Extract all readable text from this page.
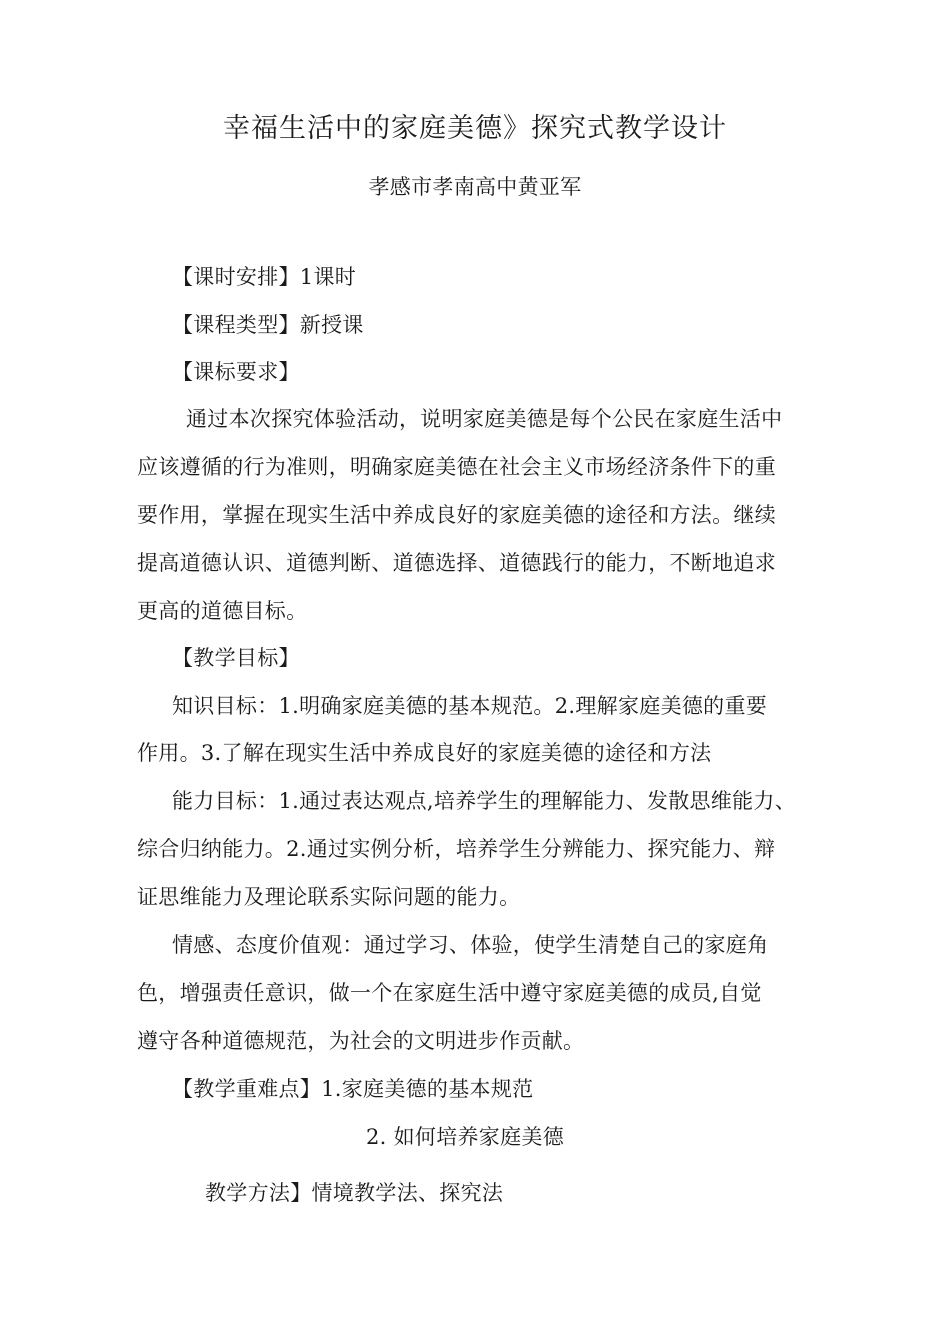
幸福生活中的家庭美德》探究式教学设计
孝感市孝南高中黄亚军
【课时安排】1课时
【课程类型】新授课
【课标要求】
通过本次探究体验活动，说明家庭美德是每个公民在家庭生活中
应该遵循的行为准则，明确家庭美德在社会主义市场经济条件下的重
要作用，掌握在现实生活中养成良好的家庭美德的途径和方法。继续
提高道德认识、道德判断、道德选择、道德践行的能力，不断地追求
更高的道德目标。
【教学目标】
知识目标：1.明确家庭美德的基本规范。2.理解家庭美德的重要
作用。3.了解在现实生活中养成良好的家庭美德的途径和方法
能力目标：1.通过表达观点,培养学生的理解能力、发散思维能力、
综合归纳能力。2.通过实例分析，培养学生分辨能力、探究能力、辩
证思维能力及理论联系实际问题的能力。
情感、态度价值观：通过学习、体验，使学生清楚自己的家庭角
色，增强责任意识，做一个在家庭生活中遵守家庭美德的成员,自觉
遵守各种道德规范，为社会的文明进步作贡献。
【教学重难点】1.家庭美德的基本规范
2. 如何培养家庭美德
教学方法】情境教学法、探究法
